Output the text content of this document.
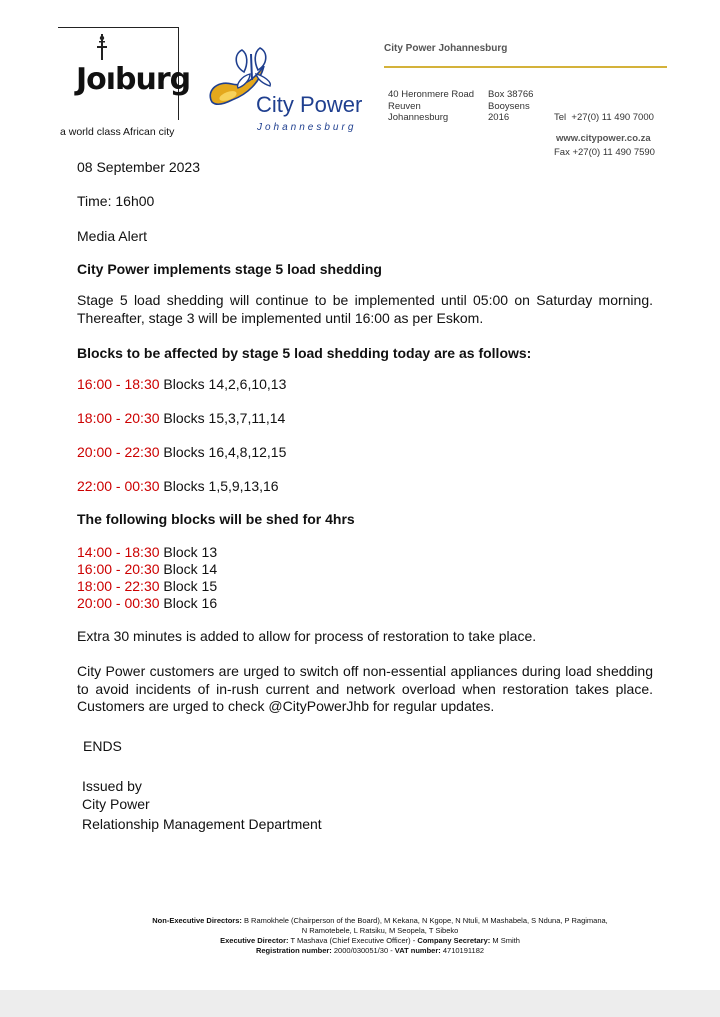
Joıburg
a world class African city
City Power
Johannesburg
City Power Johannesburg
40 Heronmere Road
Reuven
Johannesburg
Box 38766
Booysens
2016

	Tel  +27(0) 11 490 7000

Fax +27(0) 11 490 7590

www.citypower.co.za
08 September 2023
Time: 16h00
Media Alert
City Power implements stage 5 load shedding
Stage 5 load shedding will continue to be implemented until 05:00 on Saturday morning. Thereafter, stage 3 will be implemented until 16:00 as per Eskom.
Blocks to be affected by stage 5 load shedding today are as follows:
16:00 - 18:30 Blocks 14,2,6,10,13
18:00 - 20:30 Blocks 15,3,7,11,14
20:00 - 22:30 Blocks 16,4,8,12,15
22:00 - 00:30 Blocks 1,5,9,13,16
The following blocks will be shed for 4hrs
14:00 - 18:30 Block 13
16:00 - 20:30 Block 14
18:00 - 22:30 Block 15
20:00 - 00:30 Block 16
Extra 30 minutes is added to allow for process of restoration to take place.
City Power customers are urged to switch off non-essential appliances during load shedding to avoid incidents of in-rush current and network overload when restoration takes place. Customers are urged to check @CityPowerJhb for regular updates.
ENDS
Issued by
City Power
Relationship Management Department
Non-Executive Directors: B Ramokhele (Chairperson of the Board), M Kekana, N Kgope, N Ntuli, M Mashabela, S Nduna, P Ragimana,
N Ramotebele, L Ratsiku, M Seopela, T Sibeko
Executive Director: T Mashava (Chief Executive Officer) - Company Secretary: M Smith
Registration number: 2000/030051/30 - VAT number: 4710191182
